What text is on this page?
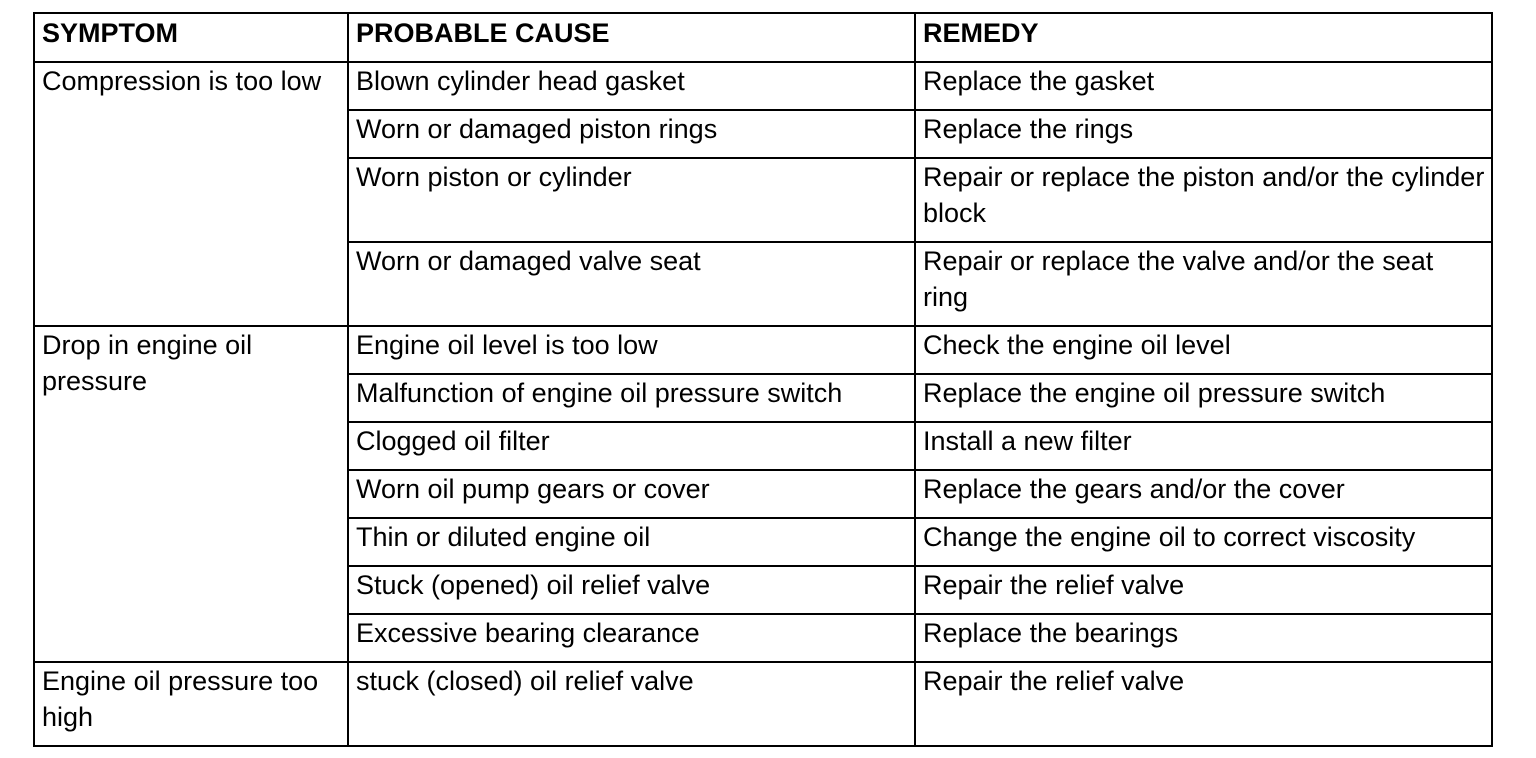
SYMPTOM	PROBABLE CAUSE	REMEDY
Compression is too low	Blown cylinder head gasket	Replace the gasket
	Worn or damaged piston rings	Replace the rings
	Worn piston or cylinder	Repair or replace the piston and/or the cylinder block
	Worn or damaged valve seat	Repair or replace the valve and/or the seat ring
Drop in engine oil pressure	Engine oil level is too low	Check the engine oil level
	Malfunction of engine oil pressure switch	Replace the engine oil pressure switch
	Clogged oil filter	Install a new filter
	Worn oil pump gears or cover	Replace the gears and/or the cover
	Thin or diluted engine oil	Change the engine oil to correct viscosity
	Stuck (opened) oil relief valve	Repair the relief valve
	Excessive bearing clearance	Replace the bearings
Engine oil pressure too high	stuck (closed) oil relief valve	Repair the relief valve
